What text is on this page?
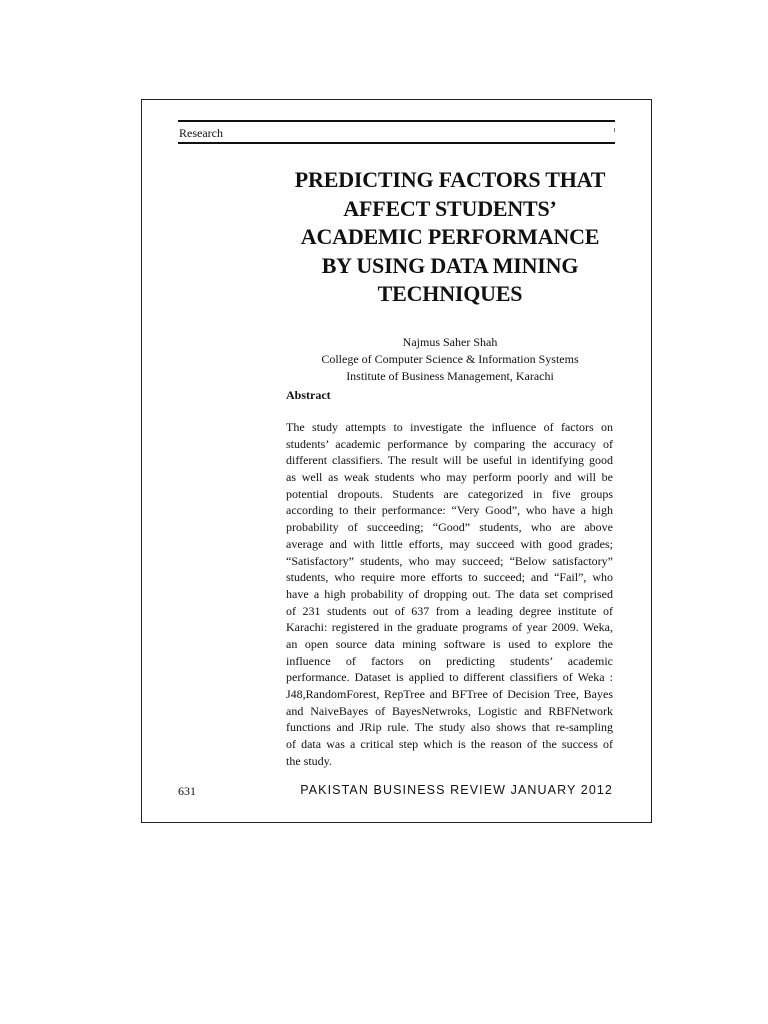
Research
PREDICTING FACTORS THAT
AFFECT STUDENTS’
ACADEMIC PERFORMANCE
BY USING DATA MINING
TECHNIQUES
Najmus Saher Shah
College of Computer Science & Information Systems
Institute of Business Management, Karachi
Abstract
The study attempts to investigate the influence of factors on
students’ academic performance by comparing the accuracy of
different classifiers. The result will be useful in identifying good
as well as weak students who may perform poorly and will be
potential dropouts. Students are categorized in five groups
according to their performance: “Very Good”, who have a high
probability of succeeding; “Good” students, who are above
average and with little efforts, may succeed with good grades;
“Satisfactory” students, who may succeed; “Below satisfactory”
students, who require more efforts to succeed; and “Fail”, who
have a high probability of dropping out. The data set comprised
of 231 students out of 637 from a leading degree institute of
Karachi: registered in the graduate programs of year 2009. Weka,
an open source data mining software is used to explore the
influence of factors on predicting students’ academic
performance. Dataset is applied to different classifiers of Weka :
J48,RandomForest, RepTree and BFTree of Decision Tree, Bayes
and NaiveBayes of BayesNetwroks, Logistic and RBFNetwork
functions and JRip rule. The study also shows that re-sampling
of data was a critical step which is the reason of the success of
the study.
631	PAKISTAN BUSINESS REVIEW JANUARY 2012
